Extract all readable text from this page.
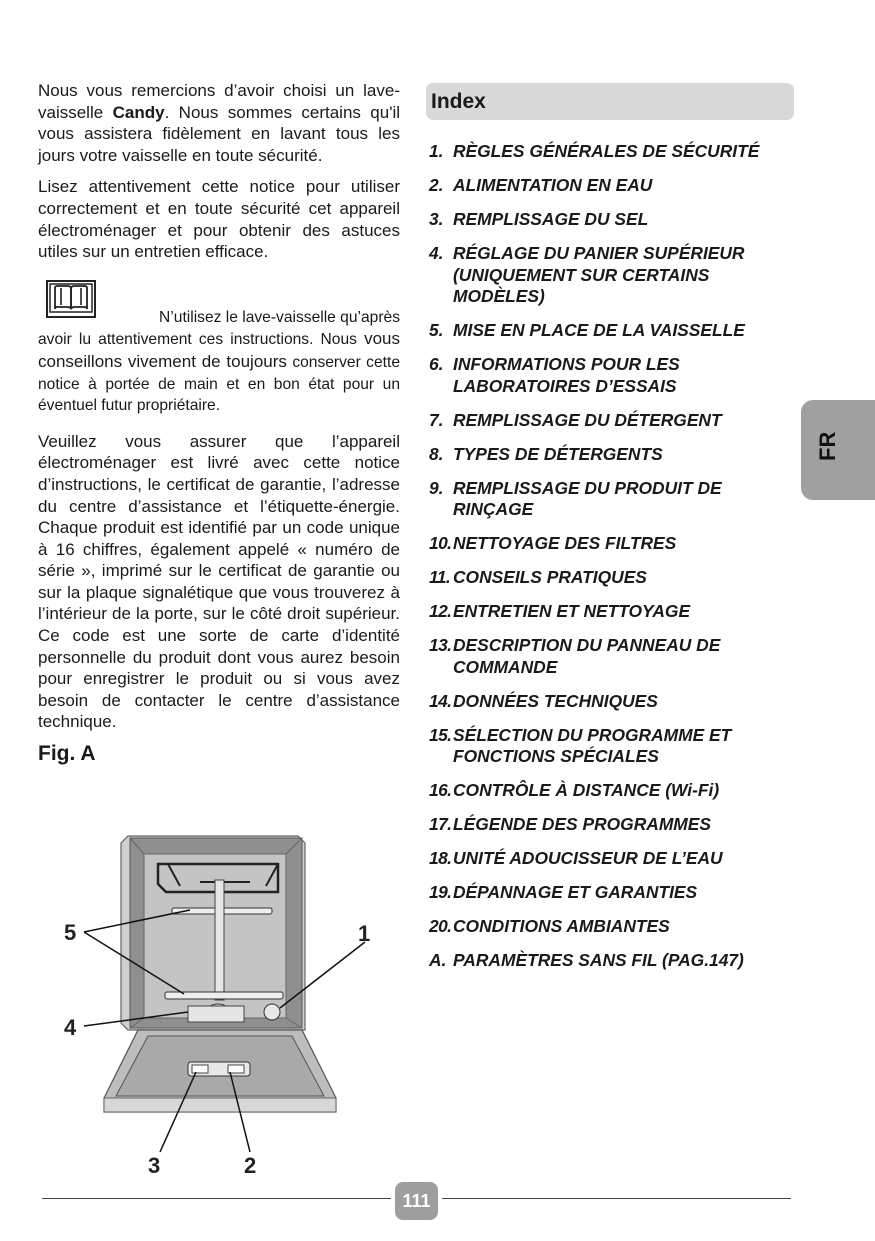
Nous vous remercions d’avoir choisi un lave-vaisselle Candy. Nous sommes certains qu'il vous assistera fidèlement en lavant tous les jours votre vaisselle en toute sécurité.

Lisez attentivement cette notice pour utiliser correctement et en toute sécurité cet appareil électroménager et pour obtenir des astuces utiles sur un entretien efficace.

N’utilisez le lave-vaisselle qu’après

avoir lu attentivement ces instructions. Nous vous conseillons vivement de toujours conserver cette notice à portée de main et en bon état pour un éventuel futur propriétaire.

Veuillez vous assurer que l’appareil électroménager est livré avec cette notice d’instructions, le certificat de garantie, l’adresse du centre d’assistance et l’étiquette-énergie. Chaque produit est identifié par un code unique à 16 chiffres, également appelé « numéro de série », imprimé sur le certificat de garantie ou sur la plaque signalétique que vous trouverez à l’intérieur de la porte, sur le côté droit supérieur. Ce code est une sorte de carte d’identité personnelle du produit dont vous aurez besoin pour enregistrer le produit ou si vous avez besoin de contacter le centre d’assistance technique.

Fig. A

5	1
4
3	2
Index
1. RÈGLES GÉNÉRALES DE SÉCURITÉ
2. ALIMENTATION EN EAU
3. REMPLISSAGE DU SEL
4. RÉGLAGE DU PANIER SUPÉRIEUR
(UNIQUEMENT SUR CERTAINS
MODÈLES)
5. MISE EN PLACE DE LA VAISSELLE
6. INFORMATIONS POUR LES
LABORATOIRES D’ESSAIS
7. REMPLISSAGE DU DÉTERGENT
8. TYPES DE DÉTERGENTS
9. REMPLISSAGE DU PRODUIT DE
RINÇAGE
10. NETTOYAGE DES FILTRES
11. CONSEILS PRATIQUES
12. ENTRETIEN ET NETTOYAGE
13. DESCRIPTION DU PANNEAU DE
COMMANDE
14. DONNÉES TECHNIQUES
15. SÉLECTION DU PROGRAMME ET
FONCTIONS SPÉCIALES
16. CONTRÔLE À DISTANCE (Wi-Fi)
17. LÉGENDE DES PROGRAMMES
18. UNITÉ ADOUCISSEUR DE L’EAU
19. DÉPANNAGE ET GARANTIES
20. CONDITIONS AMBIANTES
A. PARAMÈTRES SANS FIL (PAG.147)
FR
111
